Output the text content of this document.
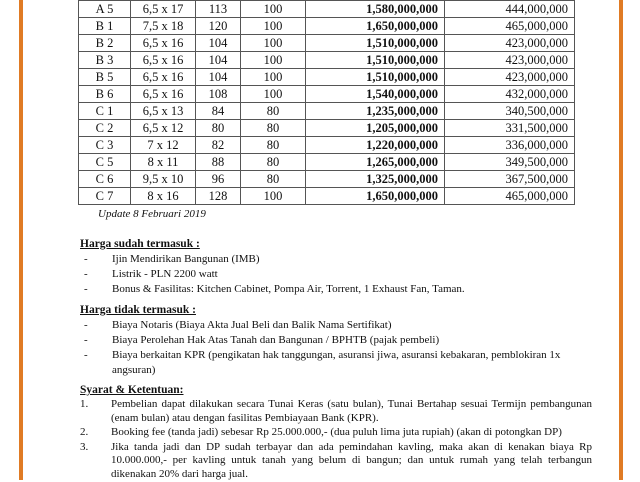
A 5	6,5 x 17	113	100	1,580,000,000	444,000,000
B 1	7,5 x 18	120	100	1,650,000,000	465,000,000
B 2	6,5 x 16	104	100	1,510,000,000	423,000,000
B 3	6,5 x 16	104	100	1,510,000,000	423,000,000
B 5	6,5 x 16	104	100	1,510,000,000	423,000,000
B 6	6,5 x 16	108	100	1,540,000,000	432,000,000
C 1	6,5 x 13	84	80	1,235,000,000	340,500,000
C 2	6,5 x 12	80	80	1,205,000,000	331,500,000
C 3	7 x 12	82	80	1,220,000,000	336,000,000
C 5	8 x 11	88	80	1,265,000,000	349,500,000
C 6	9,5 x 10	96	80	1,325,000,000	367,500,000
C 7	8 x 16	128	100	1,650,000,000	465,000,000
Update 8 Februari 2019
Harga sudah termasuk :
- Ijin Mendirikan Bangunan (IMB)
- Listrik - PLN 2200 watt
- Bonus & Fasilitas: Kitchen Cabinet, Pompa Air, Torrent, 1 Exhaust Fan, Taman.
Harga tidak termasuk :
- Biaya Notaris (Biaya Akta Jual Beli dan Balik Nama Sertifikat)
- Biaya Perolehan Hak Atas Tanah dan Bangunan / BPHTB (pajak pembeli)
- Biaya berkaitan KPR (pengikatan hak tanggungan, asuransi jiwa, asuransi kebakaran, pemblokiran 1x angsuran)
Syarat & Ketentuan:
1. Pembelian dapat dilakukan secara Tunai Keras (satu bulan), Tunai Bertahap sesuai Termijn pembangunan (enam bulan) atau dengan fasilitas Pembiayaan Bank (KPR).
2. Booking fee (tanda jadi) sebesar Rp 25.000.000,- (dua puluh lima juta rupiah) (akan di potongkan DP)
3. Jika tanda jadi dan DP sudah terbayar dan ada pemindahan kavling, maka akan di kenakan biaya Rp 10.000.000,- per kavling untuk tanah yang belum di bangun; dan untuk rumah yang telah terbangun dikenakan 20% dari harga jual.
